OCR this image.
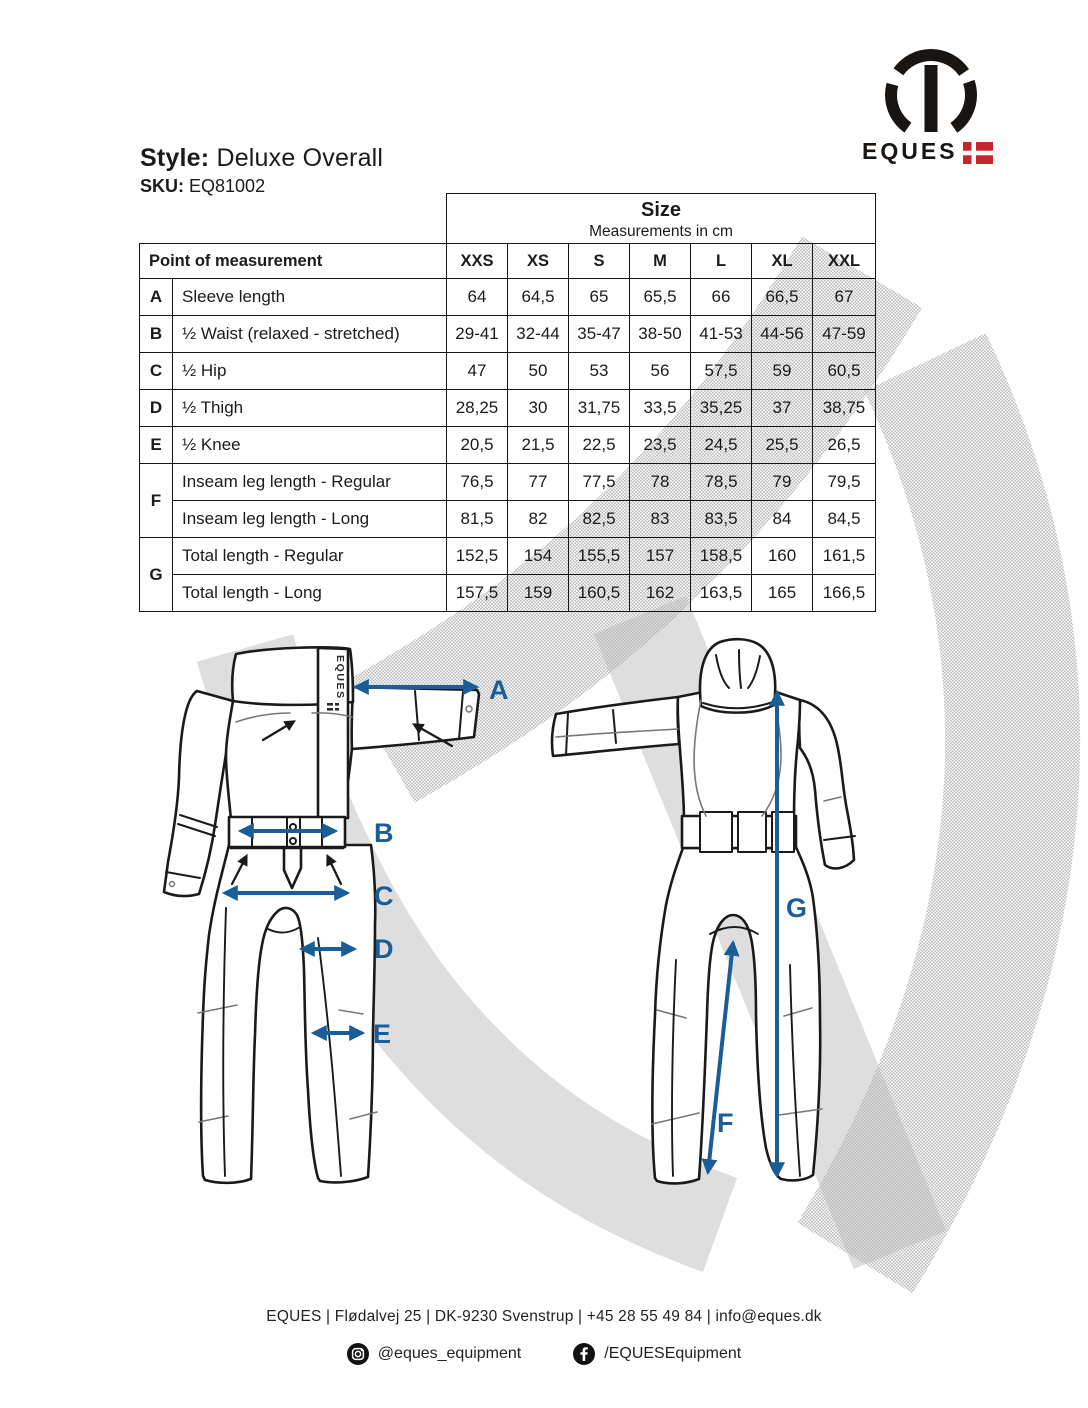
EQUES	A
B
C
D
E
G
F
Style: Deluxe Overall
SKU: EQ81002
EQUES

		Size
Measurements in cm						

Point of measurement		XXS	XS	S	M	L	XL	XXL
A	Sleeve length	64	64,5	65	65,5	66	66,5	67
B	½ Waist (relaxed - stretched)	29-41	32-44	35-47	38-50	41-53	44-56	47-59
C	½ Hip	47	50	53	56	57,5	59	60,5
D	½ Thigh	28,25	30	31,75	33,5	35,25	37	38,75
E	½ Knee	20,5	21,5	22,5	23,5	24,5	25,5	26,5
F	Inseam leg length - Regular	76,5	77	77,5	78	78,5	79	79,5
	Inseam leg length - Long	81,5	82	82,5	83	83,5	84	84,5
G	Total length - Regular	152,5	154	155,5	157	158,5	160	161,5
	Total length - Long	157,5	159	160,5	162	163,5	165	166,5
EQUES | Flødalvej 25 | DK-9230 Svenstrup | +45 28 55 49 84 | info@eques.dk
@eques_equipment	/EQUESEquipment
